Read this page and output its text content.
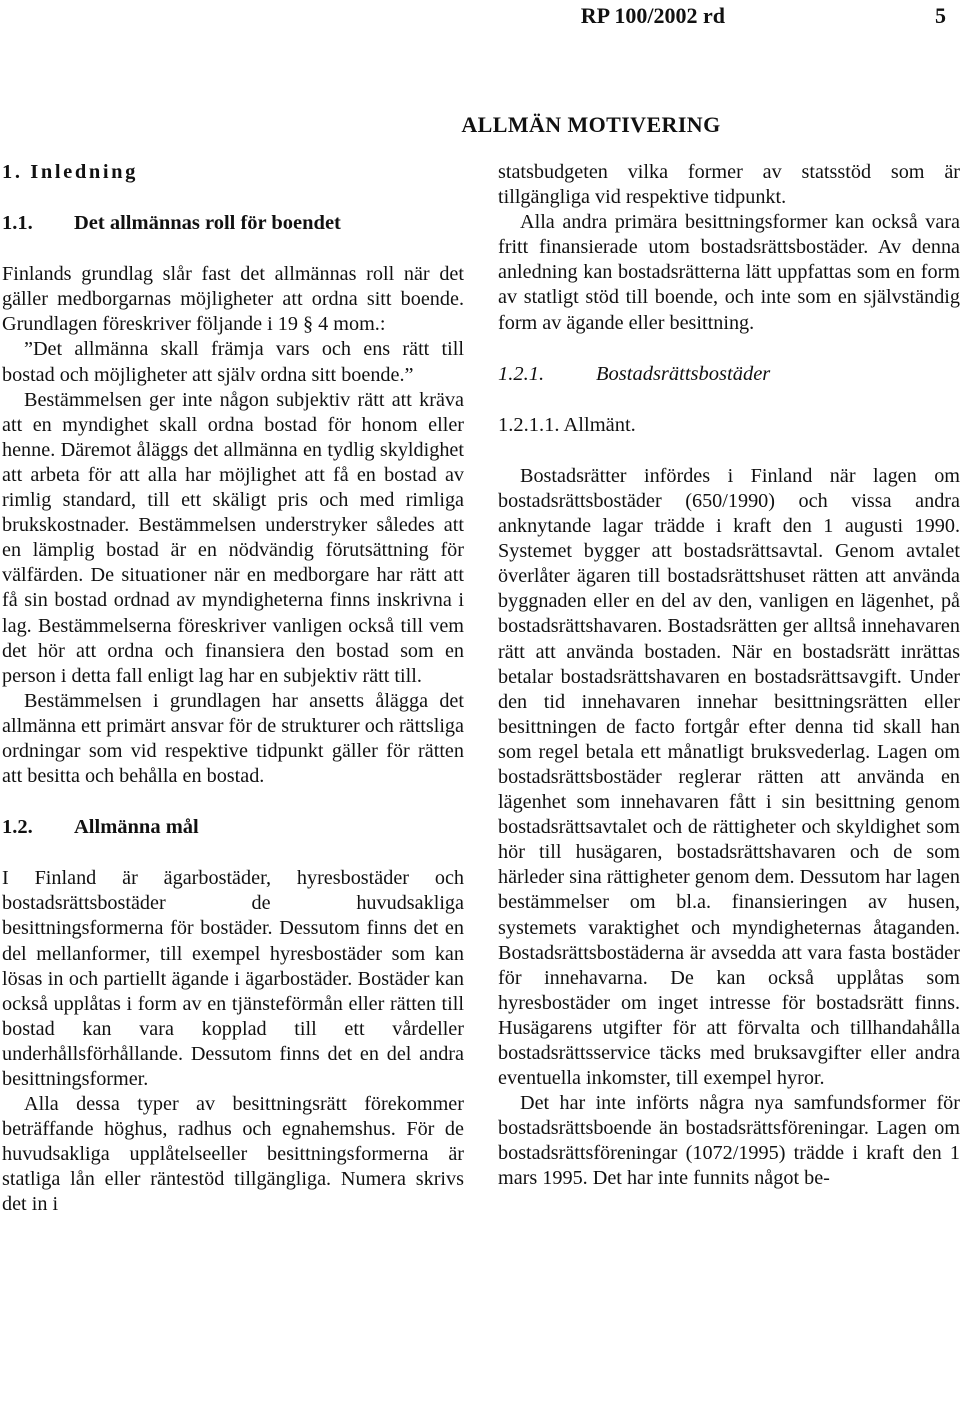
RP 100/2002 rd	5
ALLMÄN MOTIVERING
1. Inledning
1.1.	Det allmännas roll för boendet

Finlands grundlag slår fast det allmännas roll när det gäller medborgarnas möjligheter att ordna sitt boende. Grundlagen föreskriver följande i 19 § 4 mom.:

”Det allmänna skall främja vars och ens rätt till bostad och möjligheter att själv ordna sitt boende.”

Bestämmelsen ger inte någon subjektiv rätt att kräva att en myndighet skall ordna bostad för honom eller henne. Däremot åläggs det allmänna en tydlig skyldighet att arbeta för att alla har möjlighet att få en bostad av rimlig standard, till ett skäligt pris och med rimliga brukskostnader. Bestämmelsen understryker således att en lämplig bostad är en nödvändig förutsättning för välfärden. De situationer när en medborgare har rätt att få sin bostad ordnad av myndigheterna finns inskrivna i lag. Bestämmelserna föreskriver vanligen också till vem det hör att ordna och finansiera den bostad som en person i detta fall enligt lag har en subjektiv rätt till.

Bestämmelsen i grundlagen har ansetts ålägga det allmänna ett primärt ansvar för de strukturer och rättsliga ordningar som vid respektive tidpunkt gäller för rätten att besitta och behålla en bostad.

1.2.	Allmänna mål

I Finland är ägarbostäder, hyresbostäder och bostadsrättsbostäder de huvudsakliga besittningsformerna för bostäder. Dessutom finns det en del mellanformer, till exempel hyresbostäder som kan lösas in och partiellt ägande i ägarbostäder. Bostäder kan också upplåtas i form av en tjänsteförmån eller rätten till bostad kan vara kopplad till ett vårdeller underhållsförhållande. Dessutom finns det en del andra besittningsformer.

Alla dessa typer av besittningsrätt förekommer beträffande höghus, radhus och egnahemshus. För de huvudsakliga upplåtelseeller besittningsformerna är statliga lån eller räntestöd tillgängliga. Numera skrivs det in i

statsbudgeten vilka former av statsstöd som är tillgängliga vid respektive tidpunkt.

Alla andra primära besittningsformer kan också vara fritt finansierade utom bostadsrättsbostäder. Av denna anledning kan bostadsrätterna lätt uppfattas som en form av statligt stöd till boende, och inte som en självständig form av ägande eller besittning.

1.2.1.	Bostadsrättsbostäder
1.2.1.1. Allmänt.

Bostadsrätter infördes i Finland när lagen om bostadsrättsbostäder (650/1990) och vissa andra anknytande lagar trädde i kraft den 1 augusti 1990. Systemet bygger att bostadsrättsavtal. Genom avtalet överlåter ägaren till bostadsrättshuset rätten att använda byggnaden eller en del av den, vanligen en lägenhet, på bostadsrättshavaren. Bostadsrätten ger alltså innehavaren rätt att använda bostaden. När en bostadsrätt inrättas betalar bostadsrättshavaren en bostadsrättsavgift. Under den tid innehavaren innehar besittningsrätten eller besittningen de facto fortgår efter denna tid skall han som regel betala ett månatligt bruksvederlag. Lagen om bostadsrättsbostäder reglerar rätten att använda en lägenhet som innehavaren fått i sin besittning genom bostadsrättsavtalet och de rättigheter och skyldighet som hör till husägaren, bostadsrättshavaren och de som härleder sina rättigheter genom dem. Dessutom har lagen bestämmelser om bl.a. finansieringen av husen, systemets varaktighet och myndigheternas åtaganden. Bostadsrättsbostäderna är avsedda att vara fasta bostäder för innehavarna. De kan också upplåtas som hyresbostäder om inget intresse för bostadsrätt finns. Husägarens utgifter för att förvalta och tillhandahålla bostadsrättsservice täcks med bruksavgifter eller andra eventuella inkomster, till exempel hyror.

Det har inte införts några nya samfundsformer för bostadsrättsboende än bostadsrättsföreningar. Lagen om bostadsrättsföreningar (1072/1995) trädde i kraft den 1 mars 1995. Det har inte funnits något be-
